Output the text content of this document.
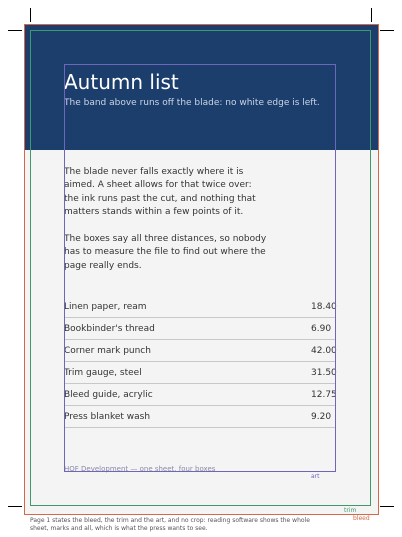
Autumn list
The band above runs off the blade: no white edge is left.
The blade never falls exactly where it is aimed. A sheet allows for that twice over: the ink runs past the cut, and nothing that matters stands within a few points of it.
The boxes say all three distances, so nobody has to measure the file to find out where the page really ends.
Linen paper, ream	18.40
Bookbinder's thread	6.90
Corner mark punch	42.00
Trim gauge, steel	31.50
Bleed guide, acrylic	12.75
Press blanket wash	9.20
HOF Development — one sheet, four boxes
art
trim
bleed
Page 1 states the bleed, the trim and the art, and no crop: reading software shows the whole sheet, marks and all, which is what the press wants to see.
